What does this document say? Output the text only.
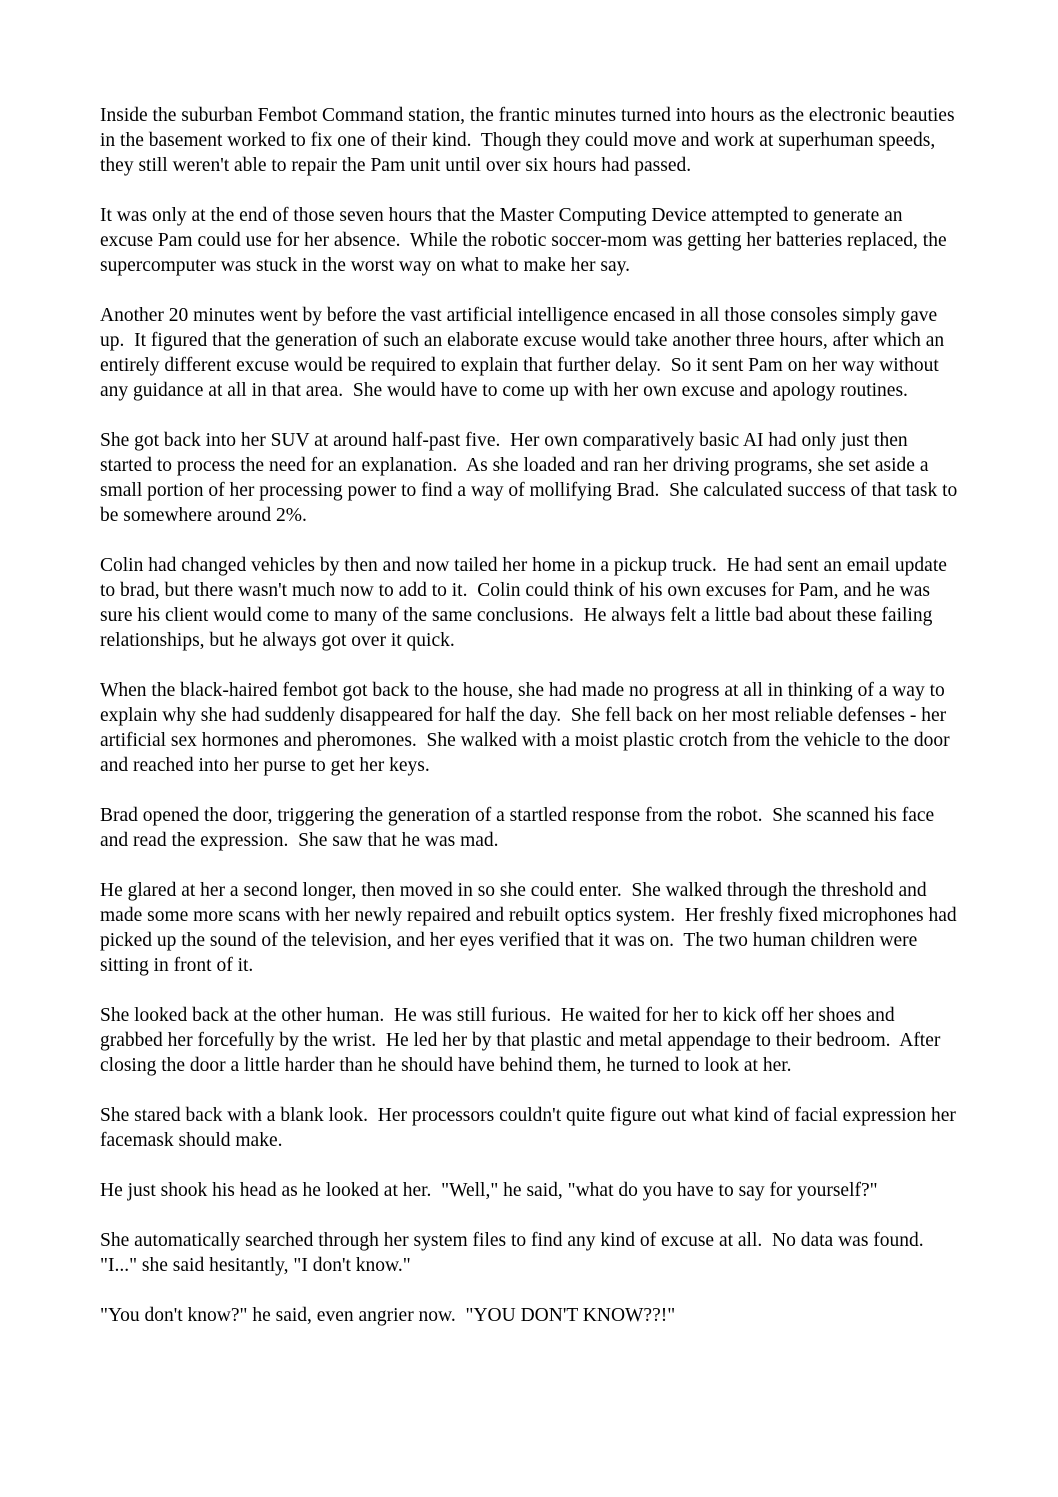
Inside the suburban Fembot Command station, the frantic minutes turned into hours as the electronic beauties in the basement worked to fix one of their kind.  Though they could move and work at superhuman speeds, they still weren't able to repair the Pam unit until over six hours had passed.

It was only at the end of those seven hours that the Master Computing Device attempted to generate an excuse Pam could use for her absence.  While the robotic soccer-mom was getting her batteries replaced, the supercomputer was stuck in the worst way on what to make her say.

Another 20 minutes went by before the vast artificial intelligence encased in all those consoles simply gave up.  It figured that the generation of such an elaborate excuse would take another three hours, after which an entirely different excuse would be required to explain that further delay.  So it sent Pam on her way without any guidance at all in that area.  She would have to come up with her own excuse and apology routines.

She got back into her SUV at around half-past five.  Her own comparatively basic AI had only just then started to process the need for an explanation.  As she loaded and ran her driving programs, she set aside a small portion of her processing power to find a way of mollifying Brad.  She calculated success of that task to be somewhere around 2%.

Colin had changed vehicles by then and now tailed her home in a pickup truck.  He had sent an email update to brad, but there wasn't much now to add to it.  Colin could think of his own excuses for Pam, and he was sure his client would come to many of the same conclusions.  He always felt a little bad about these failing relationships, but he always got over it quick.

When the black-haired fembot got back to the house, she had made no progress at all in thinking of a way to explain why she had suddenly disappeared for half the day.  She fell back on her most reliable defenses - her artificial sex hormones and pheromones.  She walked with a moist plastic crotch from the vehicle to the door and reached into her purse to get her keys.

Brad opened the door, triggering the generation of a startled response from the robot.  She scanned his face and read the expression.  She saw that he was mad.

He glared at her a second longer, then moved in so she could enter.  She walked through the threshold and made some more scans with her newly repaired and rebuilt optics system.  Her freshly fixed microphones had picked up the sound of the television, and her eyes verified that it was on.  The two human children were sitting in front of it.

She looked back at the other human.  He was still furious.  He waited for her to kick off her shoes and grabbed her forcefully by the wrist.  He led her by that plastic and metal appendage to their bedroom.  After closing the door a little harder than he should have behind them, he turned to look at her.

She stared back with a blank look.  Her processors couldn't quite figure out what kind of facial expression her facemask should make.

He just shook his head as he looked at her.  "Well," he said, "what do you have to say for yourself?"

She automatically searched through her system files to find any kind of excuse at all.  No data was found.  "I..." she said hesitantly, "I don't know."

"You don't know?" he said, even angrier now.  "YOU DON'T KNOW??!"
